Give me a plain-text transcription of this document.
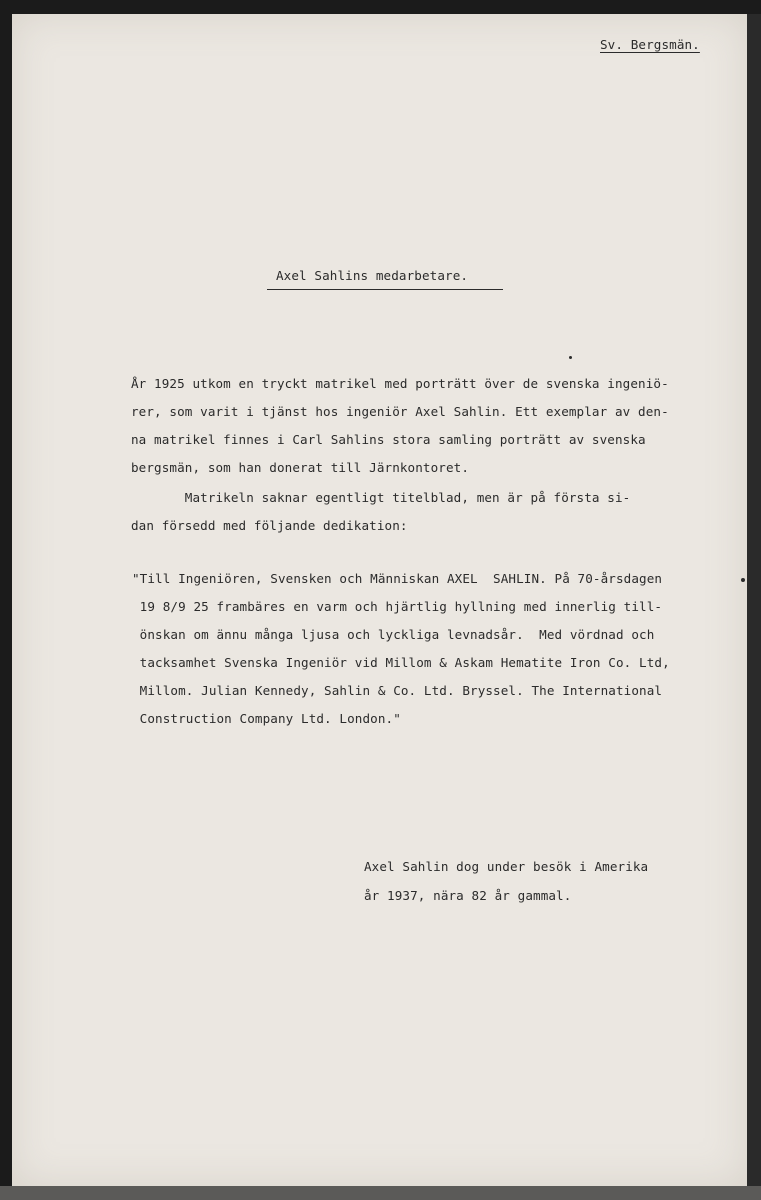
Sv. Bergsmän.
Axel Sahlins medarbetare.
År 1925 utkom en tryckt matrikel med porträtt över de svenska ingeniö-
rer, som varit i tjänst hos ingeniör Axel Sahlin. Ett exemplar av den-
na matrikel finnes i Carl Sahlins stora samling porträtt av svenska
bergsmän, som han donerat till Järnkontoret.
Matrikeln saknar egentligt titelblad, men är på första si-
dan försedd med följande dedikation:
"Till Ingeniören, Svensken och Människan AXEL  SAHLIN. På 70-årsdagen
19 8/9 25 frambäres en varm och hjärtlig hyllning med innerlig till-
önskan om ännu många ljusa och lyckliga levnadsår.  Med vördnad och
tacksamhet Svenska Ingeniör vid Millom & Askam Hematite Iron Co. Ltd,
Millom. Julian Kennedy, Sahlin & Co. Ltd. Bryssel. The International
Construction Company Ltd. London."
Axel Sahlin dog under besök i Amerika
år 1937, nära 82 år gammal.
